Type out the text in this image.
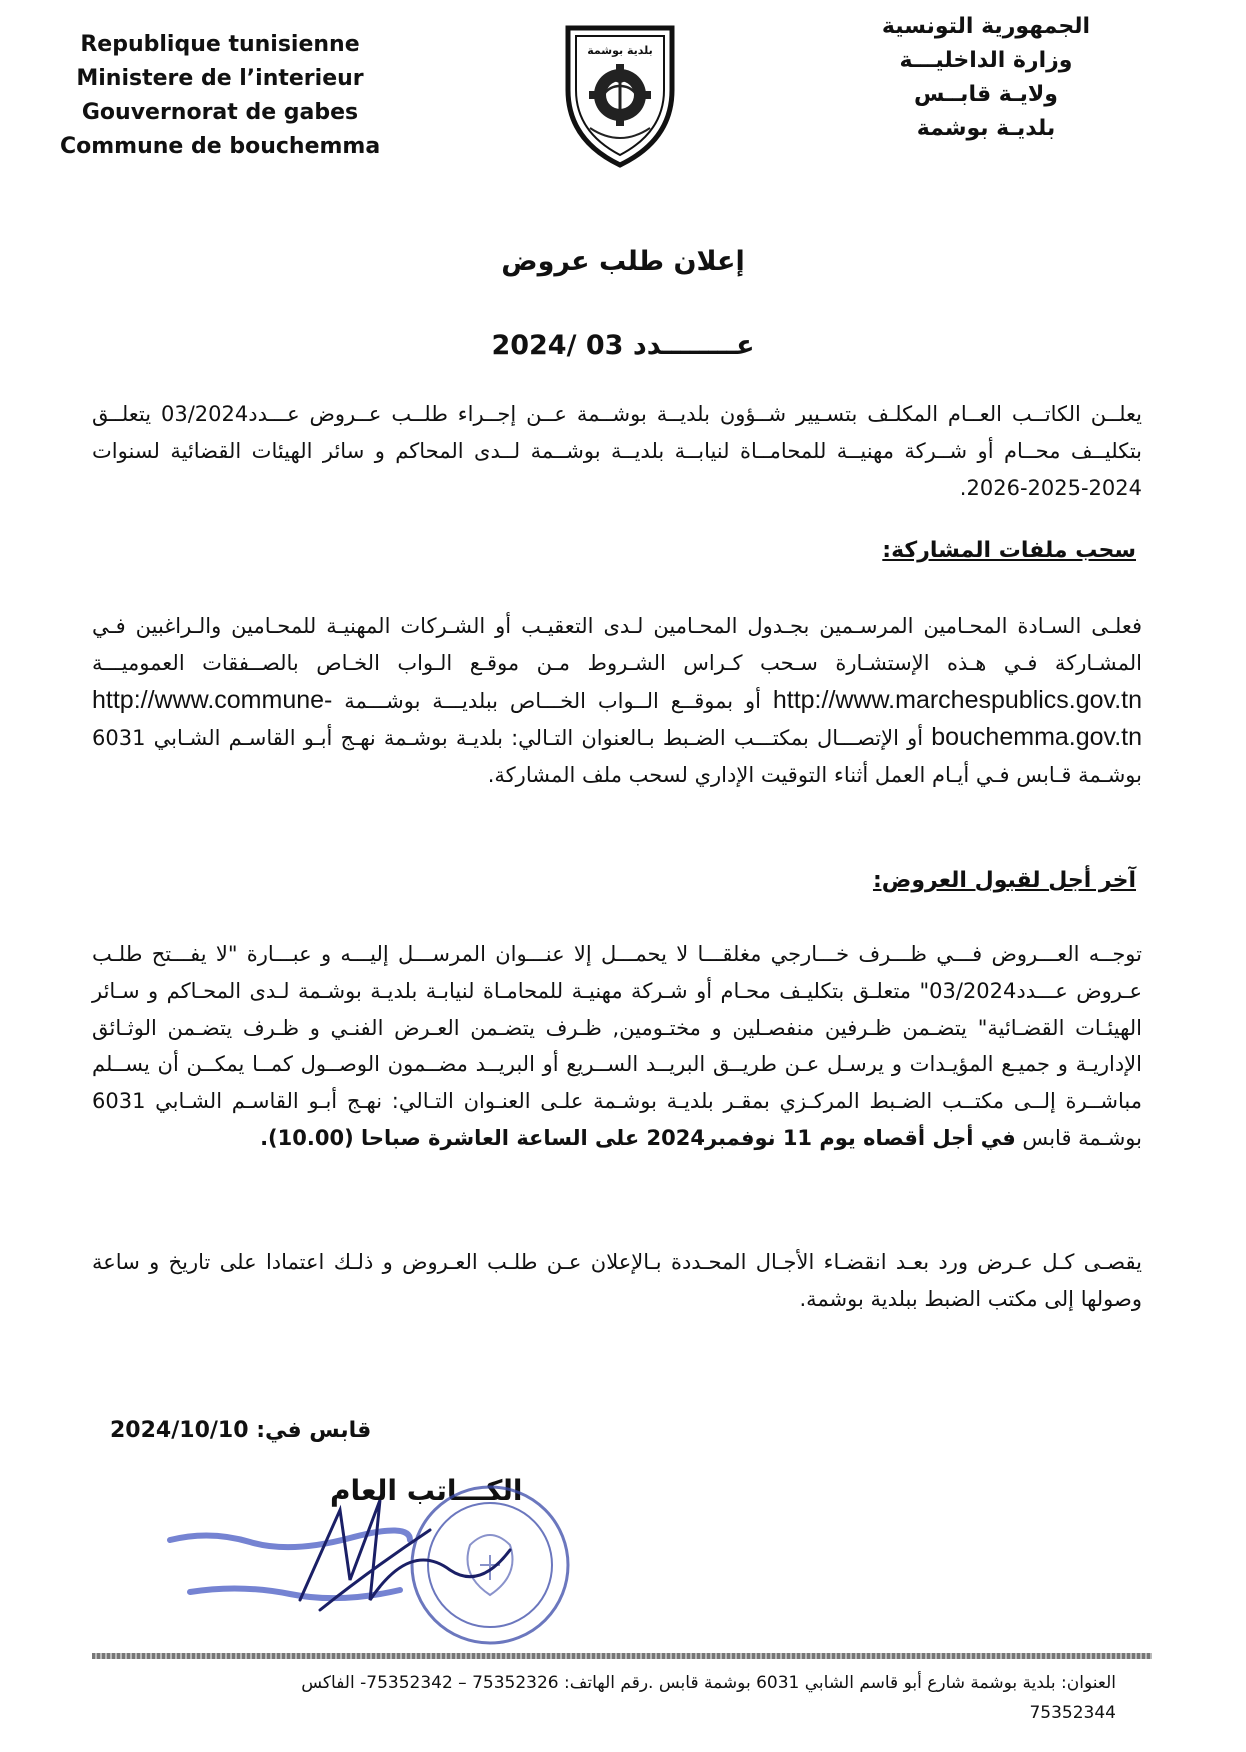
Republique tunisienne
Ministere de l’interieur
Gouvernorat de gabes
Commune de bouchemma
بلدية بوشمة
الجمهورية التونسية
وزارة الداخليـــة
ولايـة قابــس
بلديـة بوشمة
إعلان طلب عروض
عــــــــدد 03 /2024
يعلــن الكاتــب العــام المكلـف بتسـيير شــؤون بلديــة بوشــمة عــن إجــراء طلــب عــروض عـــدد03/2024 يتعلــق بتكليــف محــام أو شــركة مهنيــة للمحامــاة لنيابــة بلديــة بوشــمة لــدى المحاكم و سائر الهيئات القضائية لسنوات 2024-2025-2026.
سحب ملفات المشاركة:
فعلـى السـادة المحـامين المرسـمين بجـدول المحـامين لـدى التعقيـب أو الشـركات المهنيـة للمحـامين والـراغبين فـي المشـاركة فـي هـذه الإستشـارة سـحب كـراس الشـروط مـن موقـع الـواب الخـاص بالصــفقات العموميـــة http://www.marchespublics.gov.tn أو بموقــع الــواب الخـــاص ببلديـــة بوشـــمة http://www.commune-bouchemma.gov.tn أو الإتصـــال بمكتـــب الضـبط بـالعنوان التـالي: بلديـة بوشـمة نهـج أبـو القاسـم الشـابي 6031 بوشـمة قـابس فـي أيـام العمل أثناء التوقيت الإداري لسحب ملف المشاركة.
آخر أجل لقبول العروض:
توجــه العـــروض فـــي ظـــرف خـــارجي مغلقـــا لا يحمـــل إلا عنـــوان المرســـل إليـــه و عبـــارة "لا يفـــتح طلـب عـروض عـــدد03/2024" متعلـق بتكليـف محـام أو شـركة مهنيـة للمحامـاة لنيابـة بلديـة بوشـمة لـدى المحـاكم و سـائر الهيئـات القضـائية" يتضـمن ظـرفين منفصـلين و مختـومين, ظـرف يتضـمن العـرض الفنـي و ظـرف يتضـمن الوثـائق الإداريـة و جميـع المؤيـدات و يرسـل عـن طريــق البريــد الســريع أو البريــد مضــمون الوصــول كمــا يمكــن أن يســلم مباشــرة إلــى مكتــب الضـبط المركـزي بمقـر بلديـة بوشـمة علـى العنـوان التـالي: نهـج أبـو القاسـم الشـابي 6031 بوشـمة قابس في أجل أقصاه يوم 11 نوفمبر2024 على الساعة العاشرة صباحا (10.00).
يقصـى كـل عـرض ورد بعـد انقضـاء الأجـال المحـددة بـالإعلان عـن طلـب العـروض و ذلـك اعتمادا على تاريخ و ساعة وصولها إلى مكتب الضبط ببلدية بوشمة.
قابس في: 2024/10/10
الكـــاتب العام
العنوان: بلدية بوشمة شارع أبو قاسم الشابي 6031 بوشمة قابس .رقم الهاتف: 75352326 – 75352342- الفاكس
75352344
